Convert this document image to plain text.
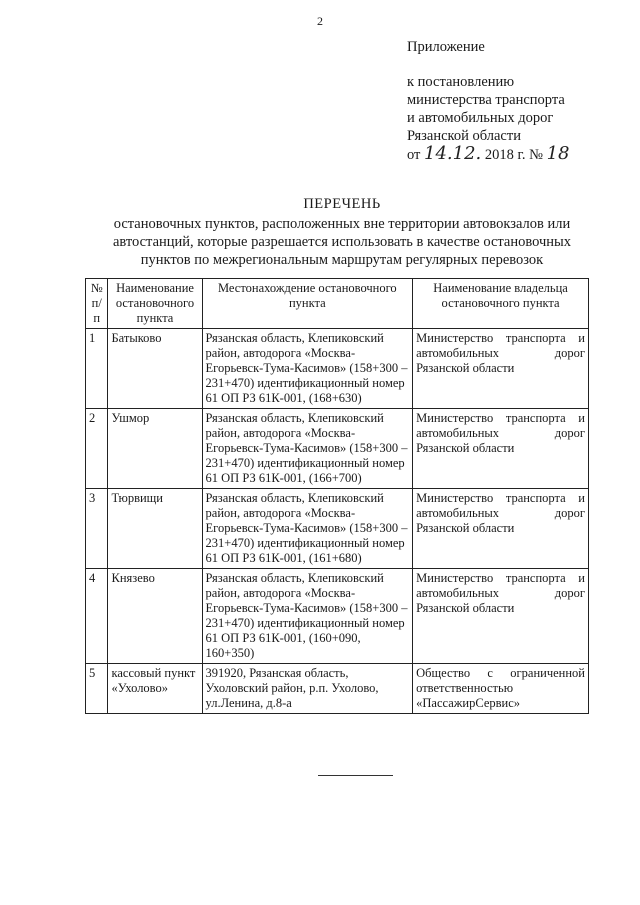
2
Приложение
к постановлению
министерства транспорта
и автомобильных дорог
Рязанской области
от 14.12. 2018 г. № 18
ПЕРЕЧЕНЬ
остановочных пунктов, расположенных вне территории автовокзалов или автостанций, которые разрешается использовать в качестве остановочных пунктов по межрегиональным маршрутам регулярных перевозок
№ п/п	Наименование остановочного пункта	Местонахождение остановочного пункта	Наименование владельца остановочного пункта
1	Батыково	Рязанская область, Клепиковский район, автодорога «Москва-Егорьевск-Тума-Касимов» (158+300 – 231+470) идентификационный номер 61 ОП РЗ 61К-001, (168+630)	Министерство транспорта и автомобильных дорог Рязанской области
2	Ушмор	Рязанская область, Клепиковский район, автодорога «Москва-Егорьевск-Тума-Касимов» (158+300 – 231+470) идентификационный номер 61 ОП РЗ 61К-001, (166+700)	Министерство транспорта и автомобильных дорог Рязанской области
3	Тюрвищи	Рязанская область, Клепиковский район, автодорога «Москва-Егорьевск-Тума-Касимов» (158+300 – 231+470) идентификационный номер 61 ОП РЗ 61К-001, (161+680)	Министерство транспорта и автомобильных дорог Рязанской области
4	Князево	Рязанская область, Клепиковский район, автодорога «Москва-Егорьевск-Тума-Касимов» (158+300 – 231+470) идентификационный номер 61 ОП РЗ 61К-001, (160+090, 160+350)	Министерство транспорта и автомобильных дорог Рязанской области
5	кассовый пункт «Ухолово»	391920, Рязанская область, Ухоловский район, р.п. Ухолово, ул.Ленина, д.8-а	Общество с ограниченной ответственностью «ПассажирСервис»
